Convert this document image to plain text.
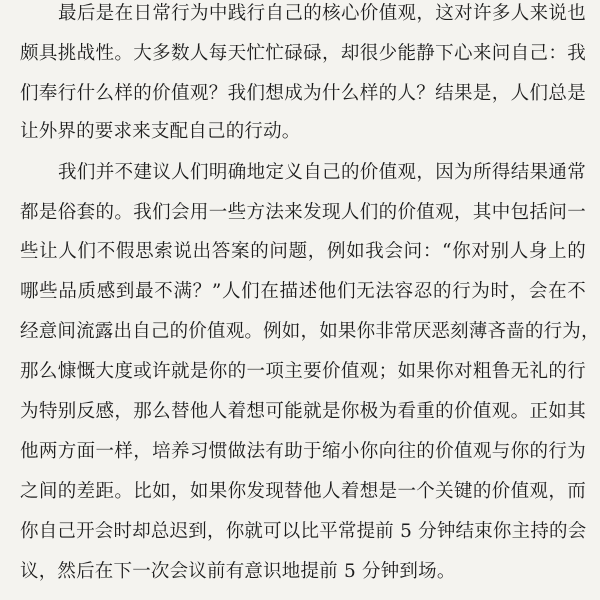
最后是在日常行为中践行自己的核心价值观，这对许多人来说也
颇具挑战性。大多数人每天忙忙碌碌，却很少能静下心来问自己：我
们奉行什么样的价值观？我们想成为什么样的人？结果是，人们总是
让外界的要求来支配自己的行动。
我们并不建议人们明确地定义自己的价值观，因为所得结果通常
都是俗套的。我们会用一些方法来发现人们的价值观，其中包括问一
些让人们不假思索说出答案的问题，例如我会问：“你对别人身上的
哪些品质感到最不满？”人们在描述他们无法容忍的行为时，会在不
经意间流露出自己的价值观。例如，如果你非常厌恶刻薄吝啬的行为，
那么慷慨大度或许就是你的一项主要价值观；如果你对粗鲁无礼的行
为特别反感，那么替他人着想可能就是你极为看重的价值观。正如其
他两方面一样，培养习惯做法有助于缩小你向往的价值观与你的行为
之间的差距。比如，如果你发现替他人着想是一个关键的价值观，而
你自己开会时却总迟到，你就可以比平常提前 5 分钟结束你主持的会
议，然后在下一次会议前有意识地提前 5 分钟到场。
